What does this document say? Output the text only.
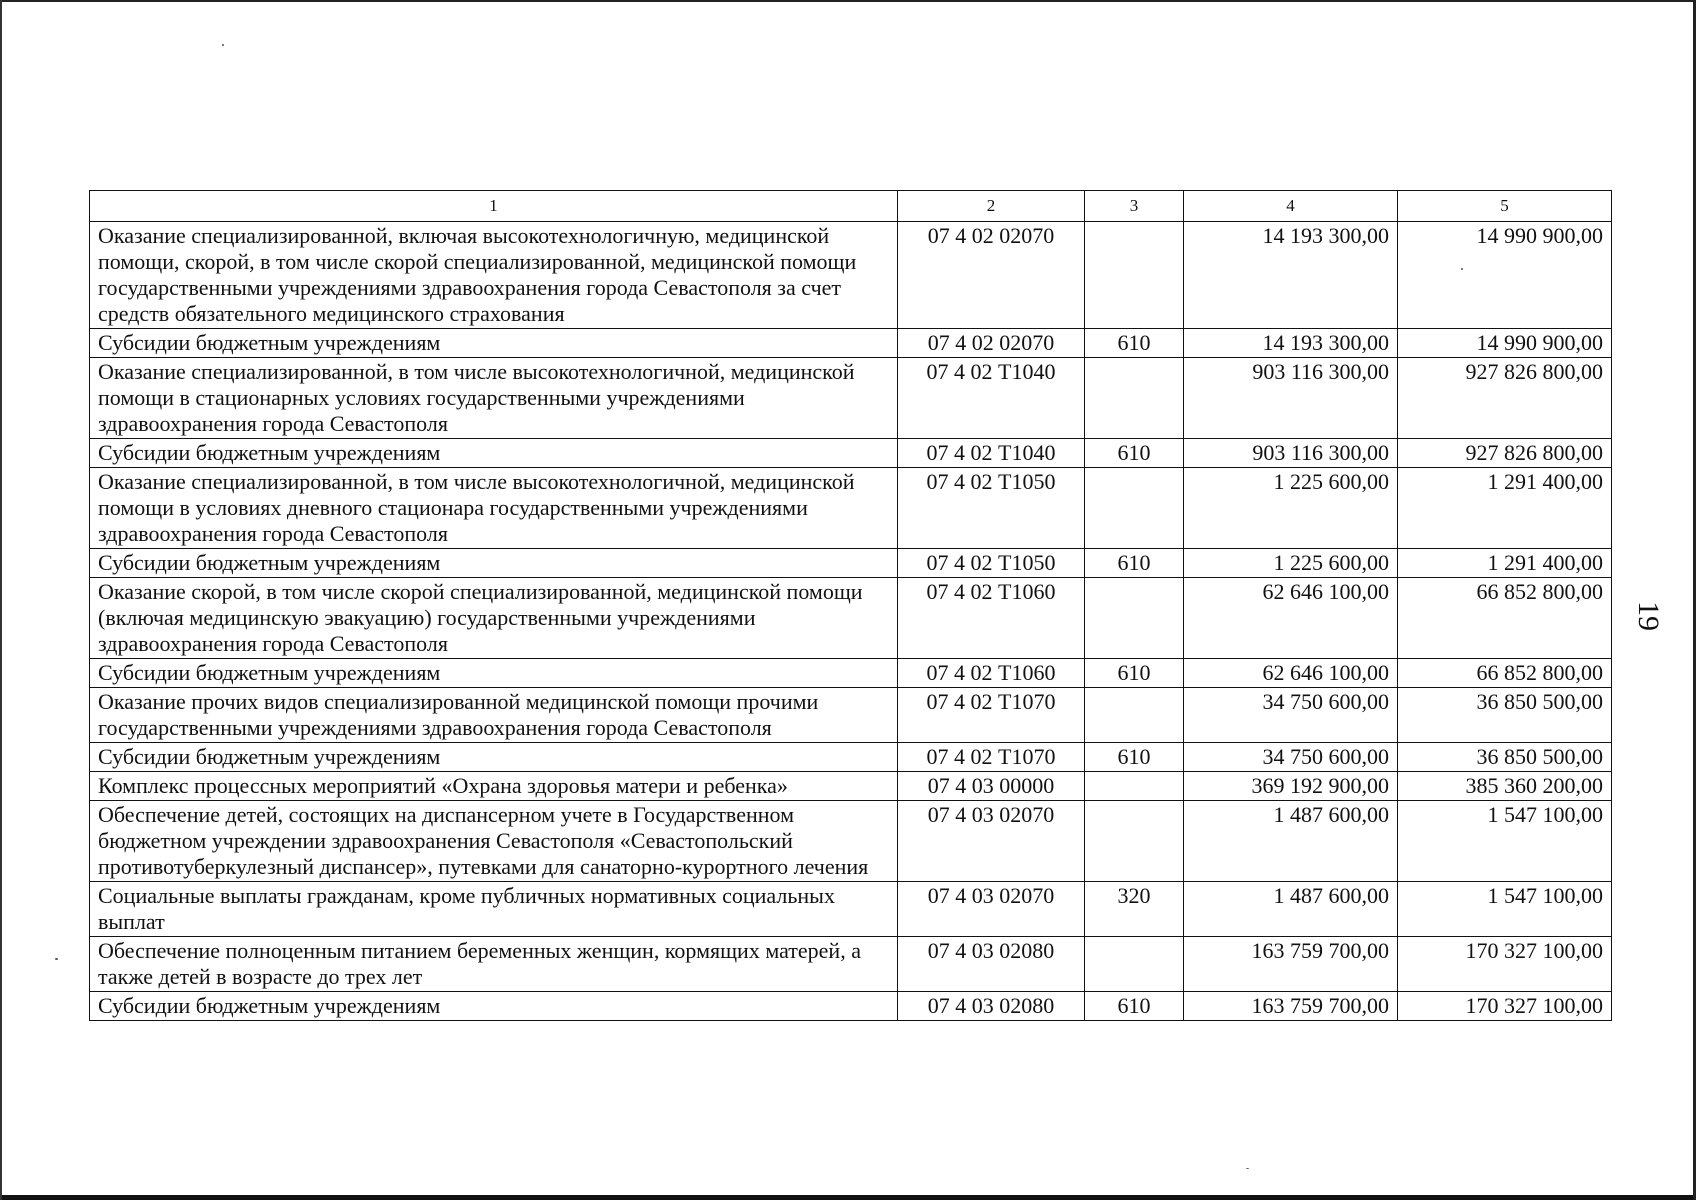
1	2	3	4	5
Оказание специализированной, включая высокотехнологичную, медицинской помощи, скорой, в том числе скорой специализированной, медицинской помощи государственными учреждениями здравоохранения города Севастополя за счет средств обязательного медицинского страхования	07 4 02 02070		14 193 300,00	14 990 900,00
Субсидии бюджетным учреждениям	07 4 02 02070	610	14 193 300,00	14 990 900,00
Оказание специализированной, в том числе высокотехнологичной, медицинской помощи в стационарных условиях государственными учреждениями здравоохранения города Севастополя	07 4 02 Т1040		903 116 300,00	927 826 800,00
Субсидии бюджетным учреждениям	07 4 02 Т1040	610	903 116 300,00	927 826 800,00
Оказание специализированной, в том числе высокотехнологичной, медицинской помощи в условиях дневного стационара государственными учреждениями здравоохранения города Севастополя	07 4 02 Т1050		1 225 600,00	1 291 400,00
Субсидии бюджетным учреждениям	07 4 02 Т1050	610	1 225 600,00	1 291 400,00
Оказание скорой, в том числе скорой специализированной, медицинской помощи (включая медицинскую эвакуацию) государственными учреждениями здравоохранения города Севастополя	07 4 02 Т1060		62 646 100,00	66 852 800,00
Субсидии бюджетным учреждениям	07 4 02 Т1060	610	62 646 100,00	66 852 800,00
Оказание прочих видов специализированной медицинской помощи прочими государственными учреждениями здравоохранения города Севастополя	07 4 02 Т1070		34 750 600,00	36 850 500,00
Субсидии бюджетным учреждениям	07 4 02 Т1070	610	34 750 600,00	36 850 500,00
Комплекс процессных мероприятий «Охрана здоровья матери и ребенка»	07 4 03 00000		369 192 900,00	385 360 200,00
Обеспечение детей, состоящих на диспансерном учете в Государственном бюджетном учреждении здравоохранения Севастополя «Севастопольский противотуберкулезный диспансер», путевками для санаторно-курортного лечения	07 4 03 02070		1 487 600,00	1 547 100,00
Социальные выплаты гражданам, кроме публичных нормативных социальных выплат	07 4 03 02070	320	1 487 600,00	1 547 100,00
Обеспечение полноценным питанием беременных женщин, кормящих матерей, а также детей в возрасте до трех лет	07 4 03 02080		163 759 700,00	170 327 100,00
Субсидии бюджетным учреждениям	07 4 03 02080	610	163 759 700,00	170 327 100,00
19
